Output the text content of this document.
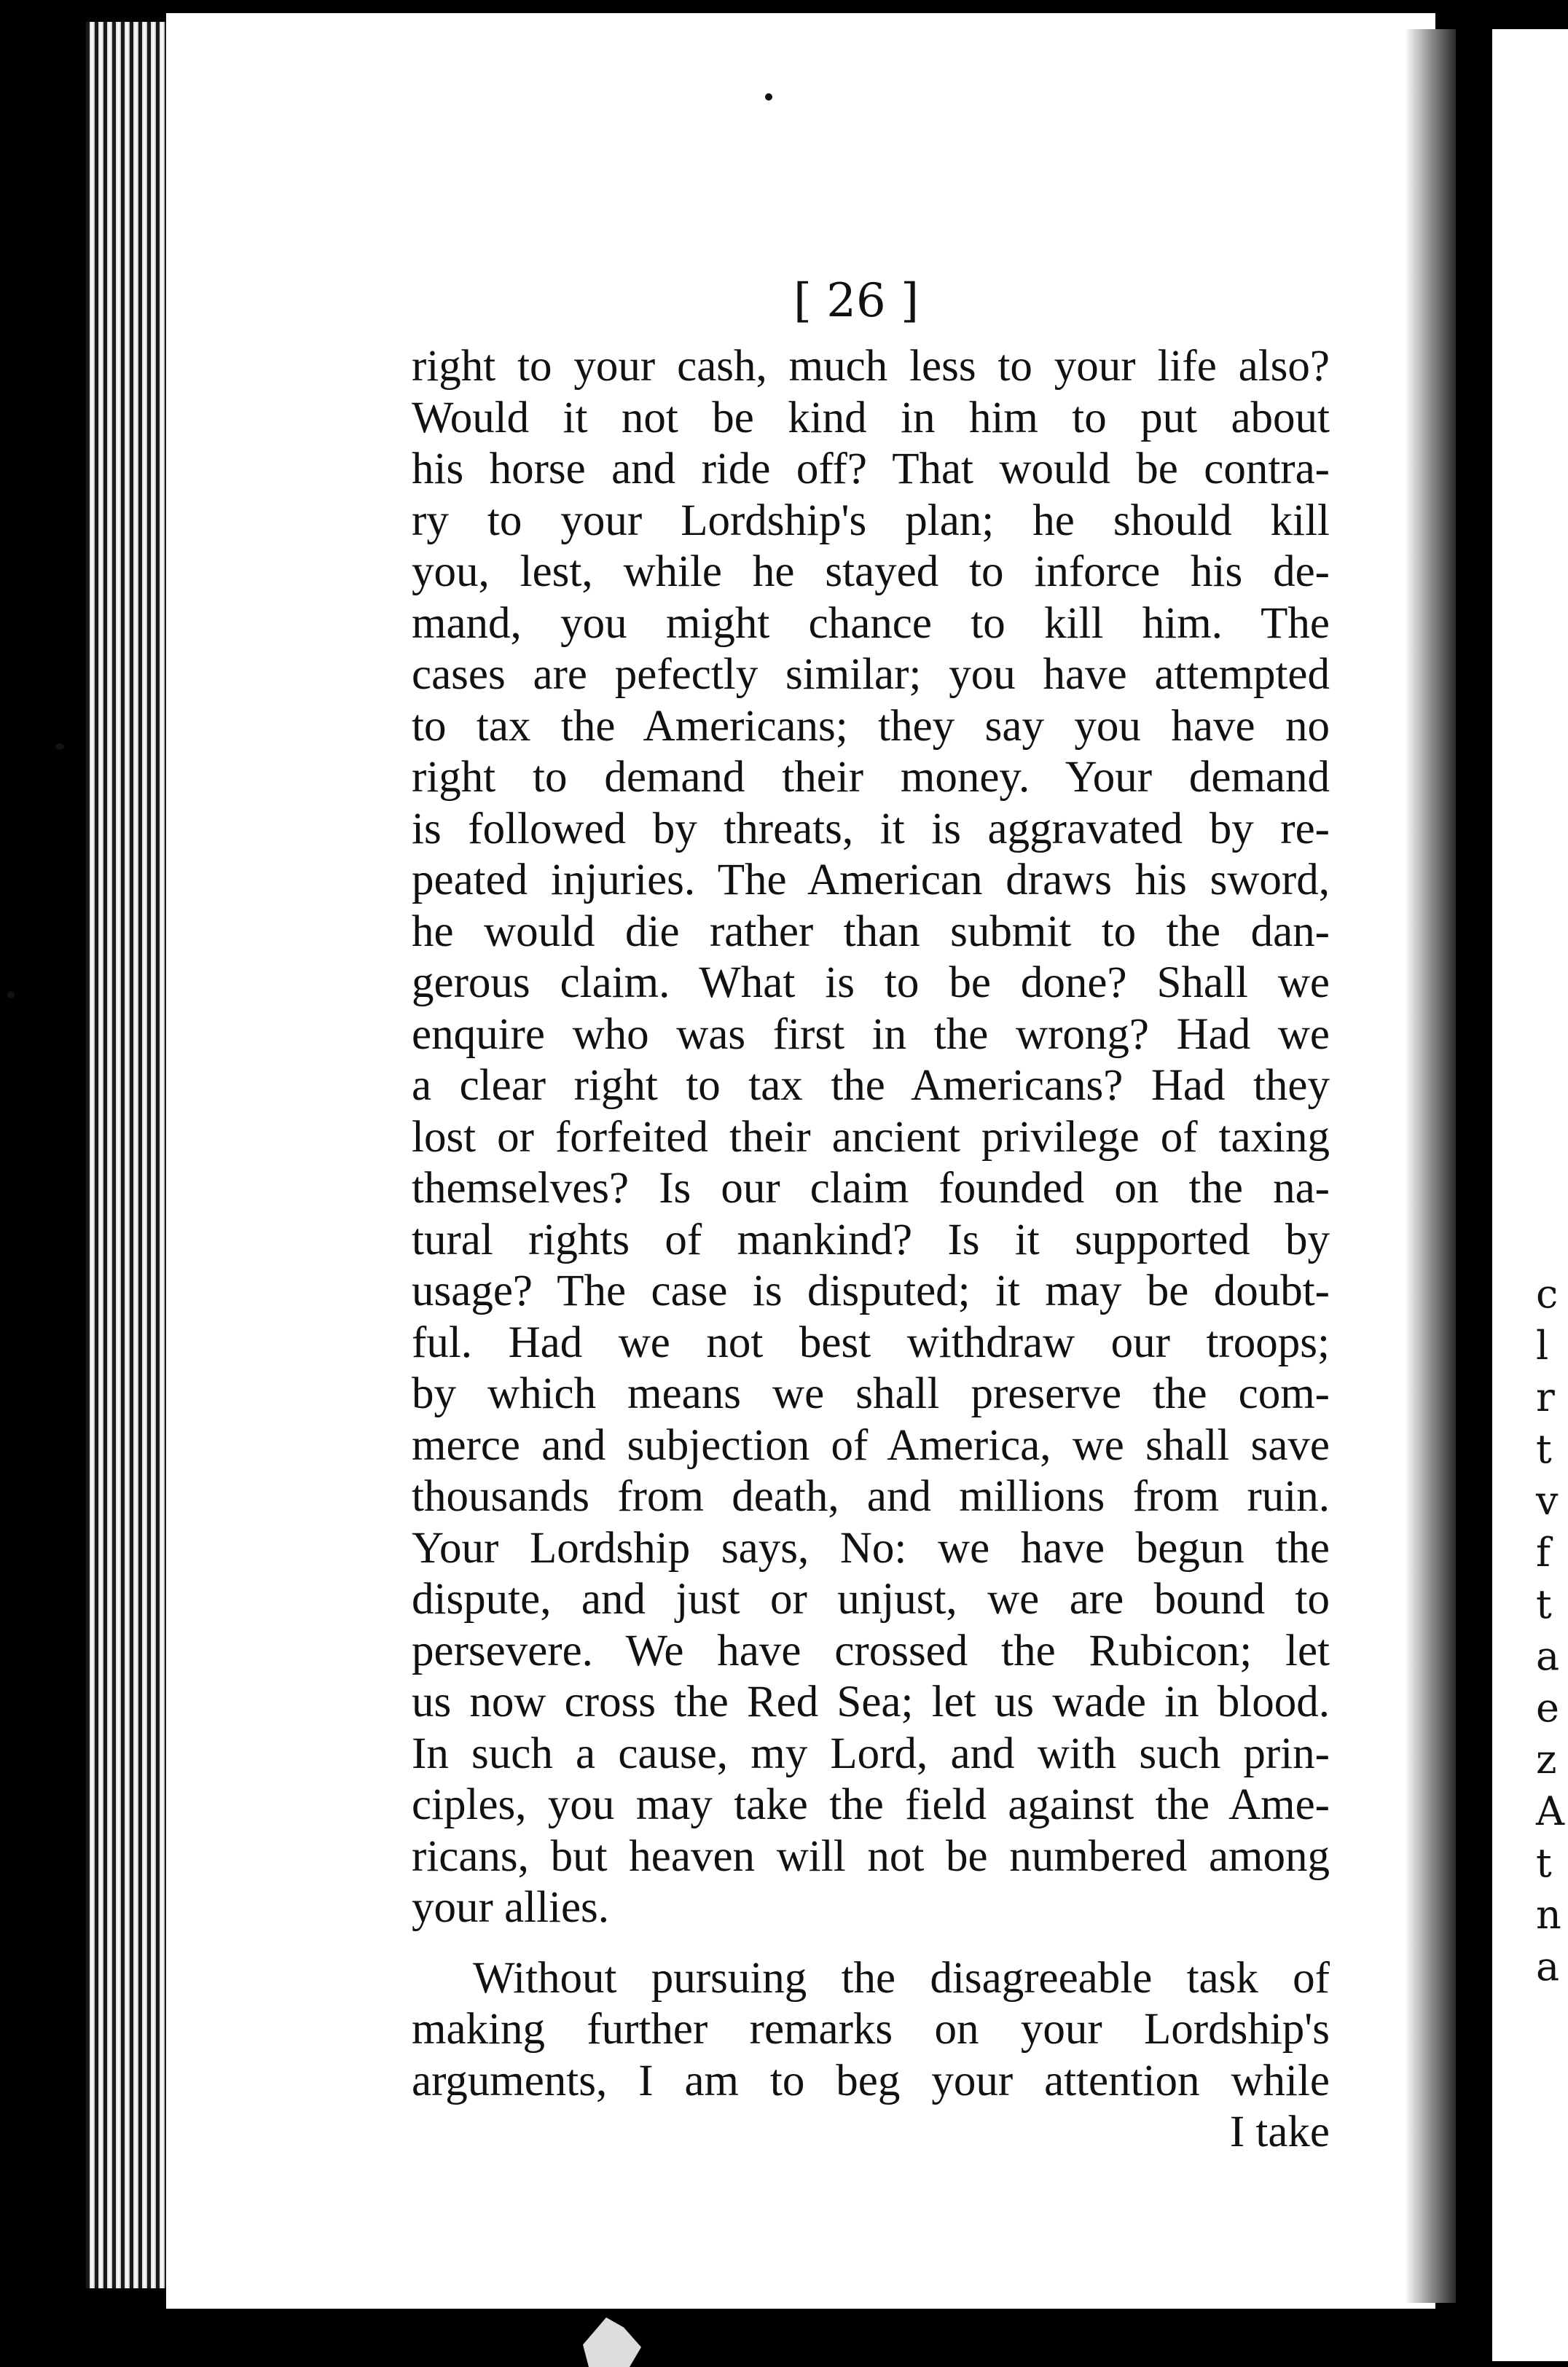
c
l
r
t
v
f
t
a
e
z
A
t
n
a
[ 26 ]
right to your cash, much less to your life also?
Would it not be kind in him to put about
his horse and ride off? That would be contra-
ry to your Lordship's plan; he should kill
you, lest, while he stayed to inforce his de-
mand, you might chance to kill him. The
cases are pefectly similar; you have attempted
to tax the Americans; they say you have no
right to demand their money. Your demand
is followed by threats, it is aggravated by re-
peated injuries. The American draws his sword,
he would die rather than submit to the dan-
gerous claim. What is to be done? Shall we
enquire who was first in the wrong? Had we
a clear right to tax the Americans? Had they
lost or forfeited their ancient privilege of taxing
themselves? Is our claim founded on the na-
tural rights of mankind? Is it supported by
usage? The case is disputed; it may be doubt-
ful. Had we not best withdraw our troops;
by which means we shall preserve the com-
merce and subjection of America, we shall save
thousands from death, and millions from ruin.
Your Lordship says, No: we have begun the
dispute, and just or unjust, we are bound to
persevere. We have crossed the Rubicon; let
us now cross the Red Sea; let us wade in blood.
In such a cause, my Lord, and with such prin-
ciples, you may take the field against the Ame-
ricans, but heaven will not be numbered among
your allies.
Without pursuing the disagreeable task of
making further remarks on your Lordship's
arguments, I am to beg your attention while
I take
